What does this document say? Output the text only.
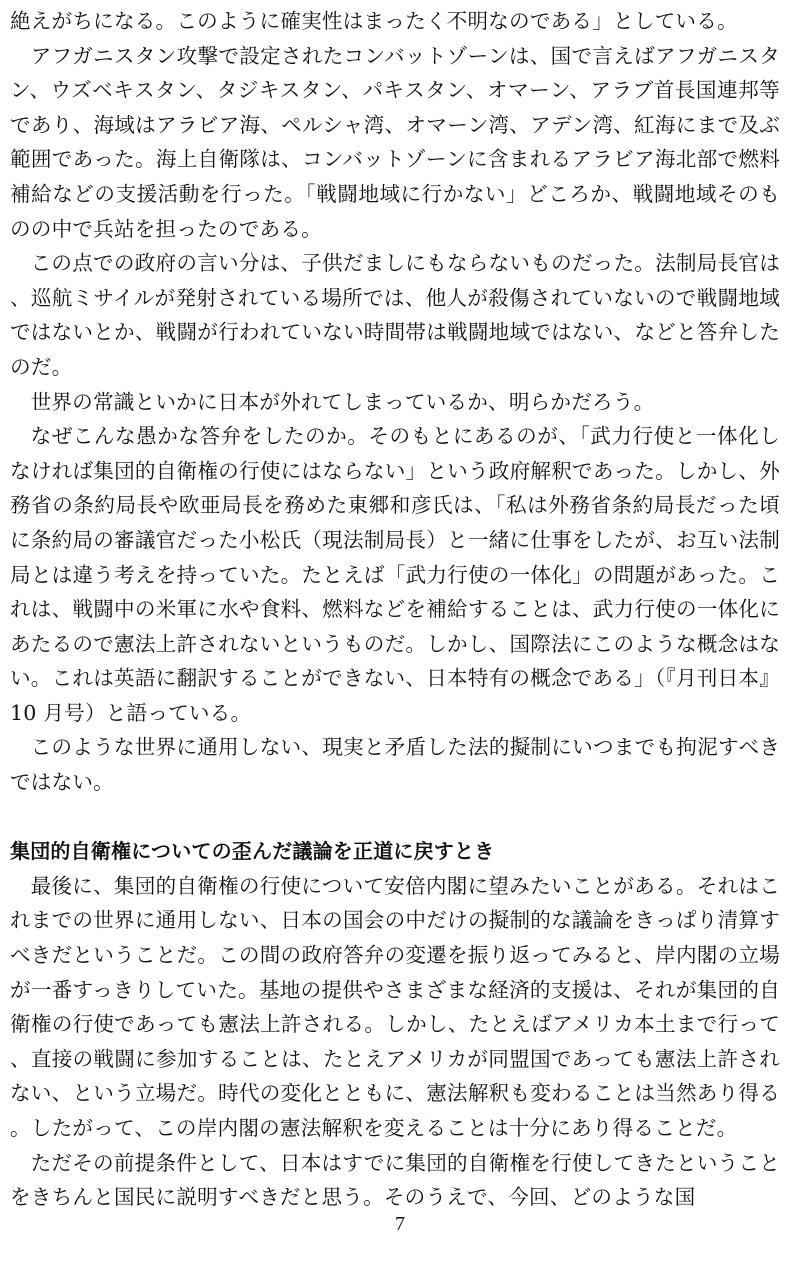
絶えがちになる。このように確実性はまったく不明なのである」としている。

アフガニスタン攻撃で設定されたコンバットゾーンは、国で言えばアフガニスタン、ウズベキスタン、タジキスタン、パキスタン、オマーン、アラブ首長国連邦等であり、海域はアラビア海、ペルシャ湾、オマーン湾、アデン湾、紅海にまで及ぶ範囲であった。海上自衛隊は、コンバットゾーンに含まれるアラビア海北部で燃料補給などの支援活動を行った。「戦闘地域に行かない」どころか、戦闘地域そのものの中で兵站を担ったのである。

この点での政府の言い分は、子供だましにもならないものだった。法制局長官は、巡航ミサイルが発射されている場所では、他人が殺傷されていないので戦闘地域ではないとか、戦闘が行われていない時間帯は戦闘地域ではない、などと答弁したのだ。

世界の常識といかに日本が外れてしまっているか、明らかだろう。

なぜこんな愚かな答弁をしたのか。そのもとにあるのが、「武力行使と一体化しなければ集団的自衛権の行使にはならない」という政府解釈であった。しかし、外務省の条約局長や欧亜局長を務めた東郷和彦氏は、「私は外務省条約局長だった頃に条約局の審議官だった小松氏（現法制局長）と一緒に仕事をしたが、お互い法制局とは違う考えを持っていた。たとえば「武力行使の一体化」の問題があった。これは、戦闘中の米軍に水や食料、燃料などを補給することは、武力行使の一体化にあたるので憲法上許されないというものだ。しかし、国際法にこのような概念はない。これは英語に翻訳することができない、日本特有の概念である」（『月刊日本』10 月号）と語っている。

このような世界に通用しない、現実と矛盾した法的擬制にいつまでも拘泥すべきではない。

集団的自衛権についての歪んだ議論を正道に戻すとき

最後に、集団的自衛権の行使について安倍内閣に望みたいことがある。それはこれまでの世界に通用しない、日本の国会の中だけの擬制的な議論をきっぱり清算すべきだということだ。この間の政府答弁の変遷を振り返ってみると、岸内閣の立場が一番すっきりしていた。基地の提供やさまざまな経済的支援は、それが集団的自衛権の行使であっても憲法上許される。しかし、たとえばアメリカ本土まで行って、直接の戦闘に参加することは、たとえアメリカが同盟国であっても憲法上許されない、という立場だ。時代の変化とともに、憲法解釈も変わることは当然あり得る。したがって、この岸内閣の憲法解釈を変えることは十分にあり得ることだ。

ただその前提条件として、日本はすでに集団的自衛権を行使してきたということをきちんと国民に説明すべきだと思う。そのうえで、今回、どのような国

7
